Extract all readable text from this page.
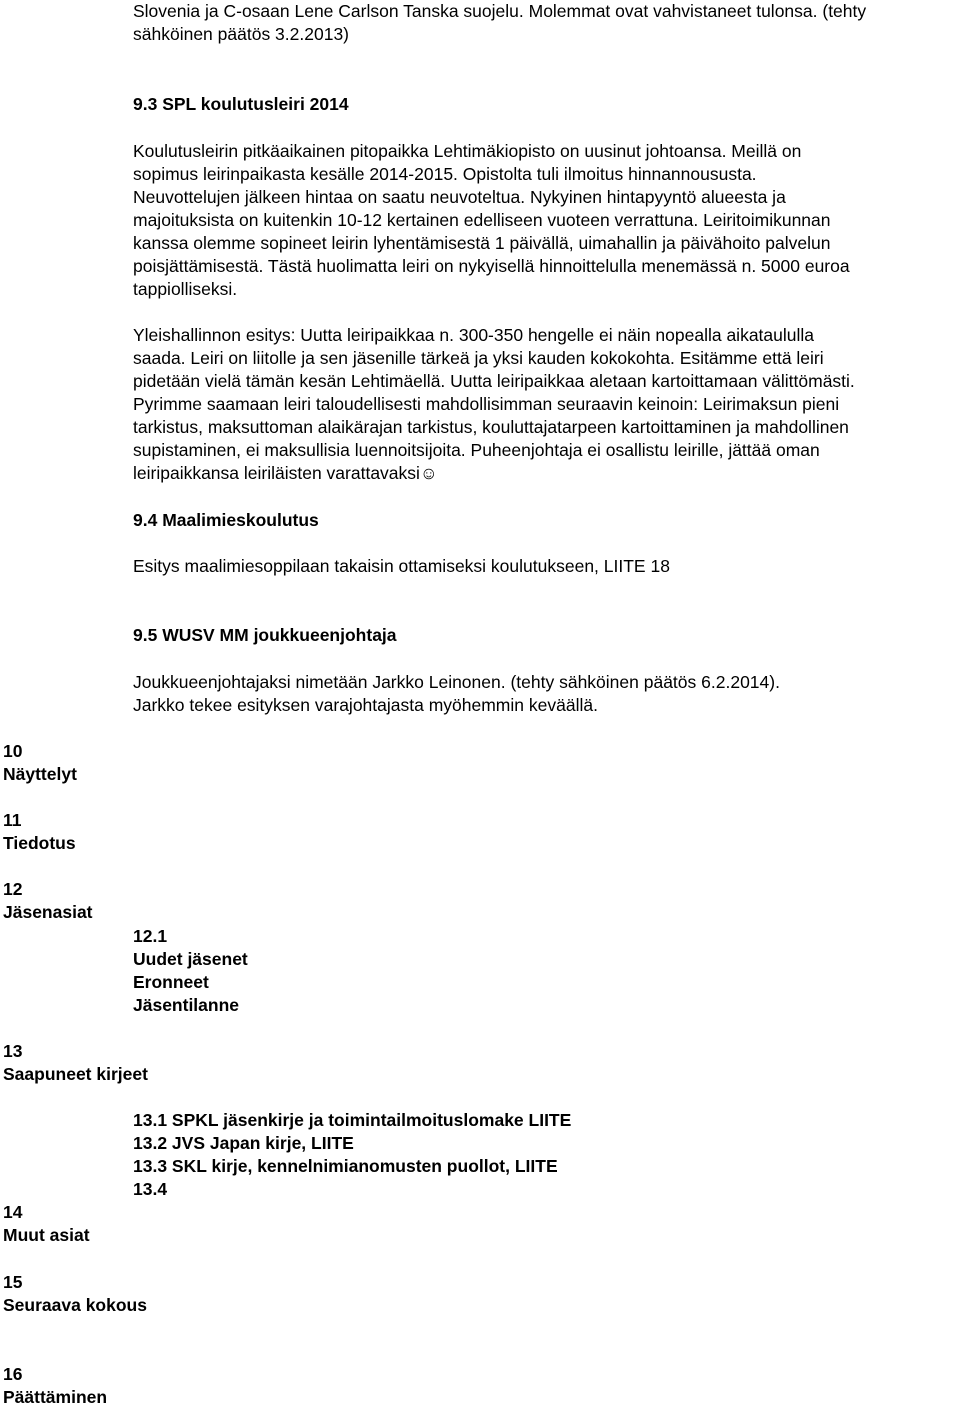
Slovenia ja C-osaan Lene Carlson Tanska suojelu. Molemmat ovat vahvistaneet tulonsa. (tehty

sähköinen päätös 3.2.2013)

9.3 SPL koulutusleiri 2014

Koulutusleirin pitkäaikainen pitopaikka Lehtimäkiopisto on uusinut johtoansa. Meillä on

sopimus leirinpaikasta kesälle 2014-2015. Opistolta tuli ilmoitus hinnannoususta.

Neuvottelujen jälkeen hintaa on saatu neuvoteltua. Nykyinen hintapyyntö alueesta ja

majoituksista on kuitenkin 10-12 kertainen edelliseen vuoteen verrattuna. Leiritoimikunnan

kanssa olemme sopineet leirin lyhentämisestä 1 päivällä, uimahallin ja päivähoito palvelun

poisjättämisestä. Tästä huolimatta leiri on nykyisellä hinnoittelulla menemässä n. 5000 euroa

tappiolliseksi.

Yleishallinnon esitys: Uutta leiripaikkaa n. 300-350 hengelle ei näin nopealla aikataululla

saada. Leiri on liitolle ja sen jäsenille tärkeä ja yksi kauden kokokohta. Esitämme että leiri

pidetään vielä tämän kesän Lehtimäellä. Uutta leiripaikkaa aletaan kartoittamaan välittömästi.

Pyrimme saamaan leiri taloudellisesti mahdollisimman seuraavin keinoin: Leirimaksun pieni

tarkistus, maksuttoman alaikärajan tarkistus, kouluttajatarpeen kartoittaminen ja mahdollinen

supistaminen, ei maksullisia luennoitsijoita. Puheenjohtaja ei osallistu leirille, jättää oman

leiripaikkansa leiriläisten varattavaksi☺

9.4 Maalimieskoulutus
Esitys maalimiesoppilaan takaisin ottamiseksi koulutukseen, LIITE 18
9.5 WUSV MM joukkueenjohtaja

Joukkueenjohtajaksi nimetään Jarkko Leinonen. (tehty sähköinen päätös 6.2.2014).

Jarkko tekee esityksen varajohtajasta myöhemmin keväällä.

10
Näyttelyt
11
Tiedotus
12
Jäsenasiat
12.1
Uudet jäsenet
Eronneet
Jäsentilanne
13
Saapuneet kirjeet
13.1 SPKL jäsenkirje ja toimintailmoituslomake LIITE
13.2 JVS Japan kirje, LIITE
13.3 SKL kirje, kennelnimianomusten puollot, LIITE
13.4
14
Muut asiat
15
Seuraava kokous
16
Päättäminen
